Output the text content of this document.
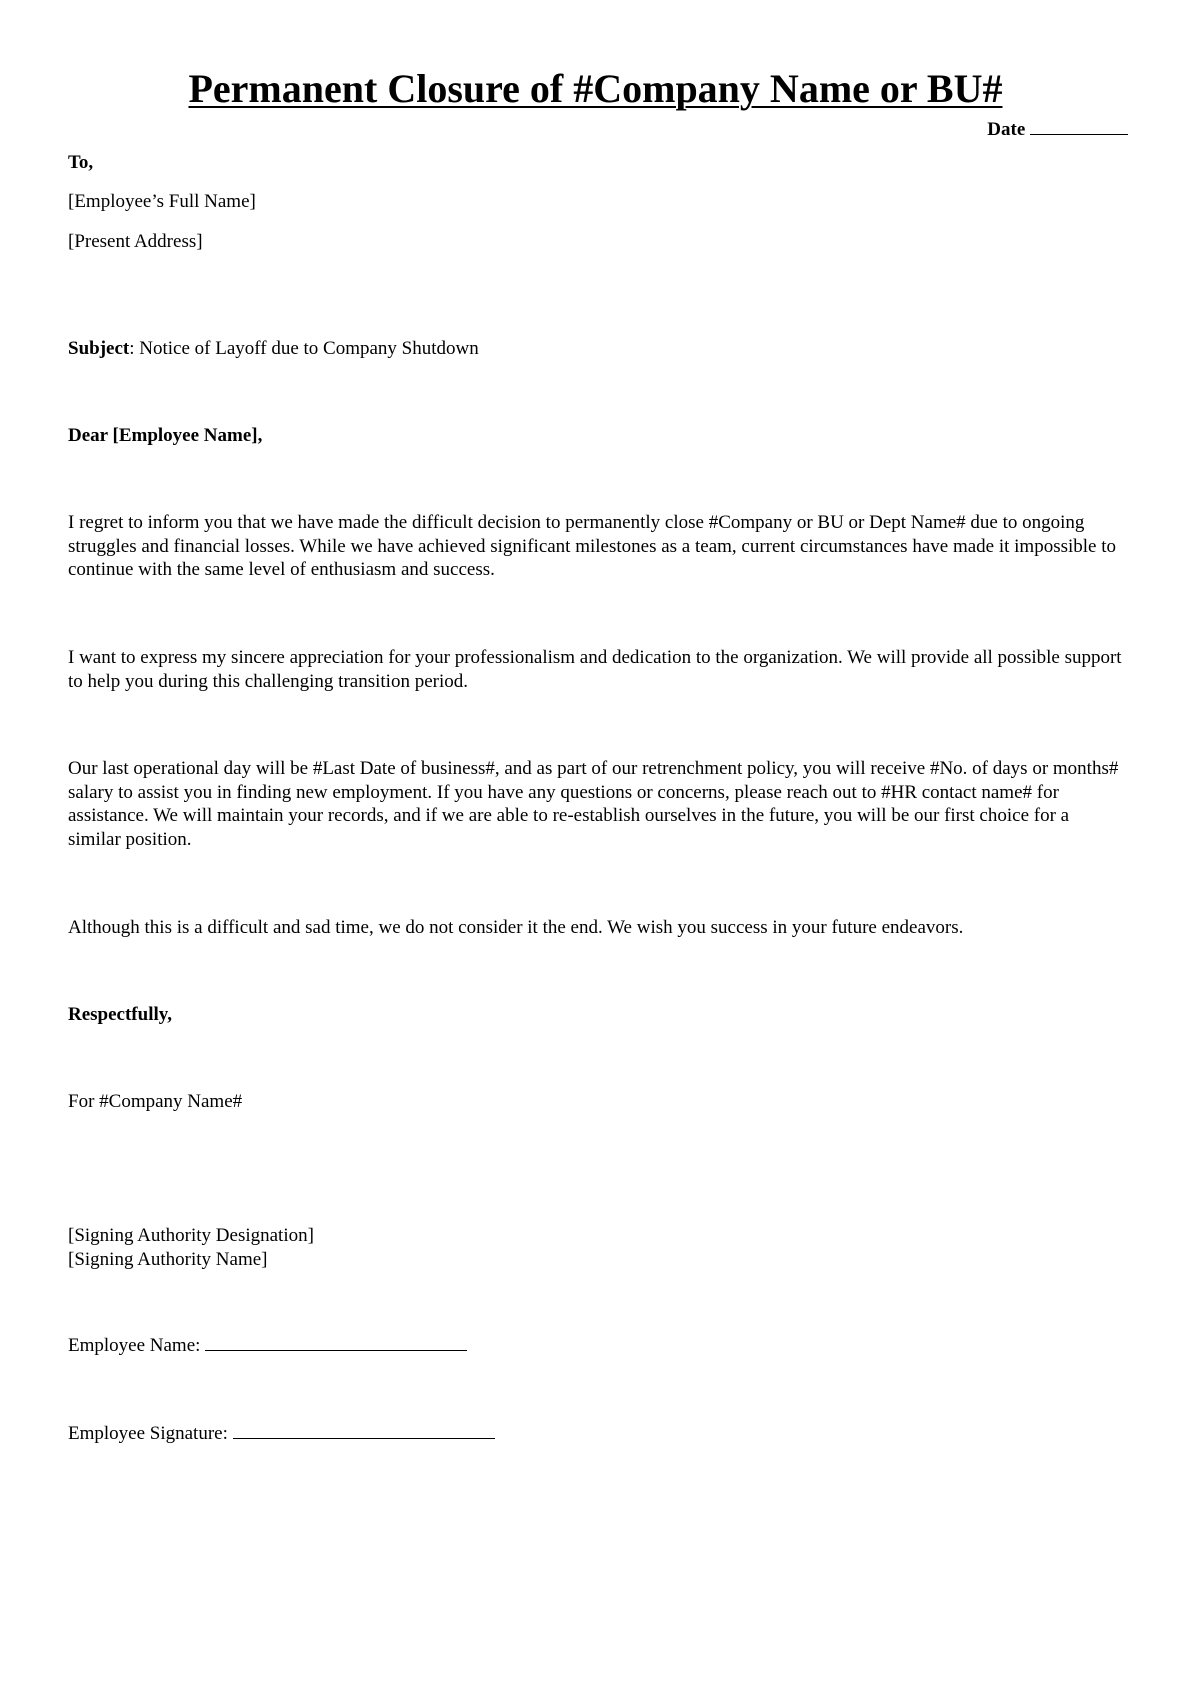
Permanent Closure of #Company Name or BU#
Date

To,

[Employee’s Full Name]

[Present Address]

Subject: Notice of Layoff due to Company Shutdown

Dear [Employee Name],

I regret to inform you that we have made the difficult decision to permanently close #Company or BU or Dept Name# due to ongoing struggles and financial losses. While we have achieved significant milestones as a team, current circumstances have made it impossible to continue with the same level of enthusiasm and success.

I want to express my sincere appreciation for your professionalism and dedication to the organization. We will provide all possible support to help you during this challenging transition period.

Our last operational day will be #Last Date of business#, and as part of our retrenchment policy, you will receive #No. of days or months# salary to assist you in finding new employment. If you have any questions or concerns, please reach out to #HR contact name# for assistance. We will maintain your records, and if we are able to re-establish ourselves in the future, you will be our first choice for a similar position.

Although this is a difficult and sad time, we do not consider it the end. We wish you success in your future endeavors.

Respectfully,

For #Company Name#

[Signing Authority Designation]

[Signing Authority Name]

Employee Name:

Employee Signature:
